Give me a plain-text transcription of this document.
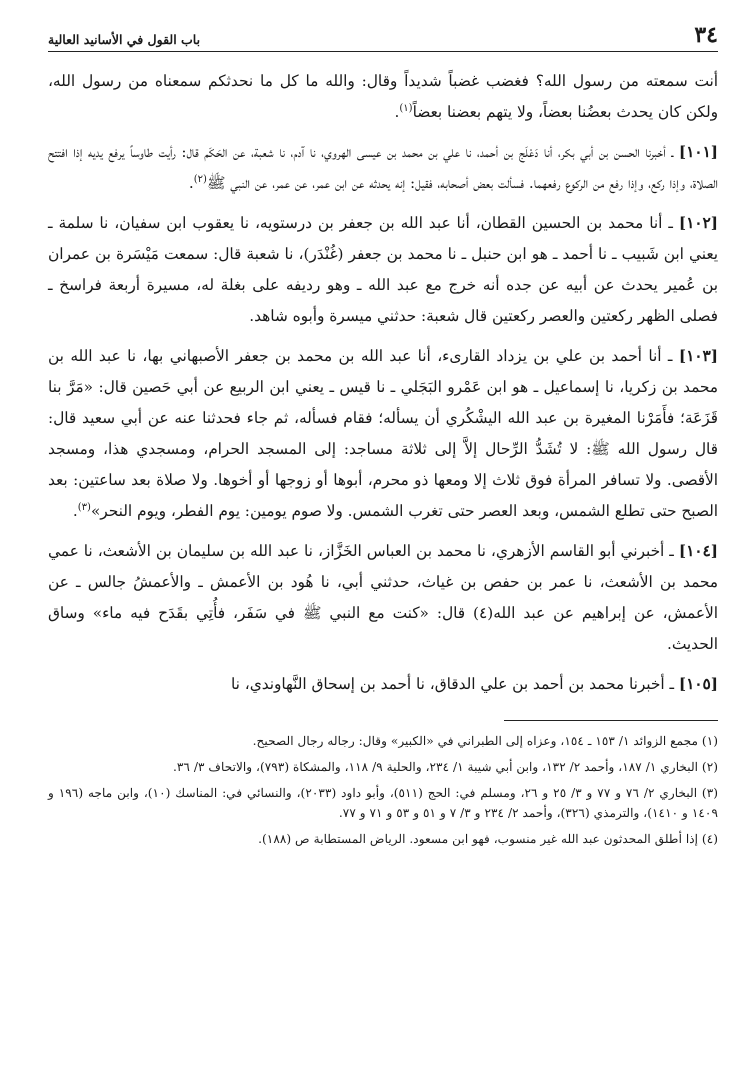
٣٤
باب القول في الأسانيد العالية

أنت سمعته من رسول الله؟ فغضب غضباً شديداً وقال: والله ما كل ما نحدثكم سمعناه من رسول الله، ولكن كان يحدث بعضُنا بعضاً، ولا يتهم بعضنا بعضاً$^{(١)}$.

[١٠١] ـ أخبرنا الحسن بن أبي بكر، أنا دَعْلَج بن أحمد، نا علي بن محمد بن عيسى الهروي، نا آدم، نا شعبة، عن الحَكَم قال: رأيت طاوساً يرفع يديه إذا افتتح الصلاة، وإذا ركع، وإذا رفع من الركوع رفعهما. فسألت بعض أصحابه، فقيل: إنه يحدثه عن ابن عمر، عن عمر، عن النبي ﷺ$^{(٢)}$.

[١٠٢] ـ أنا محمد بن الحسين القطان، أنا عبد الله بن جعفر بن درستويه، نا يعقوب ابن سفيان، نا سلمة ـ يعني ابن شَبيب ـ نا أحمد ـ هو ابن حنبل ـ نا محمد بن جعفر (غُنْدَر)، نا شعبة قال: سمعت مَيْسَرة بن عمران بن عُمير يحدث عن أبيه عن جده أنه خرج مع عبد الله ـ وهو رديفه على بغلة له، مسيرة أربعة فراسخ ـ فصلى الظهر ركعتين والعصر ركعتين قال شعبة: حدثني ميسرة وأبوه شاهد.

[١٠٣] ـ أنا أحمد بن علي بن يزداد القارىء، أنا عبد الله بن محمد بن جعفر الأصبهاني بها، نا عبد الله بن محمد بن زكريا، نا إسماعيل ـ هو ابن عَمْرو البَجَلي ـ نا قيس ـ يعني ابن الربيع عن أبي حَصين قال: «مَرَّ بنا قَزَعَة؛ فأَمَرْنا المغيرة بن عبد الله اليشْكُري أن يسأله؛ فقام فسأله، ثم جاء فحدثنا عنه عن أبي سعيد قال: قال رسول الله ﷺ: لا تُشَدُّ الرِّحال إلاَّ إلى ثلاثة مساجد: إلى المسجد الحرام، ومسجدي هذا، ومسجد الأقصى. ولا تسافر المرأة فوق ثلاث إلا ومعها ذو محرم، أبوها أو زوجها أو أخوها. ولا صلاة بعد ساعتين: بعد الصبح حتى تطلع الشمس، وبعد العصر حتى تغرب الشمس. ولا صوم يومين: يوم الفطر، ويوم النحر»$^{(٣)}$.

[١٠٤] ـ أخبرني أبو القاسم الأزهري، نا محمد بن العباس الخَزَّاز، نا عبد الله بن سليمان بن الأشعث، نا عمي محمد بن الأشعث، نا عمر بن حفص بن غياث، حدثني أبي، نا هُود بن الأعمش ـ والأعمشُ جالس ـ عن الأعمش، عن إبراهيم عن عبد الله(٤) قال: «كنت مع النبي ﷺ في سَفَر، فأُتِي بقَدَح فيه ماء» وساق الحديث.

[١٠٥] ـ أخبرنا محمد بن أحمد بن علي الدقاق، نا أحمد بن إسحاق النَّهاوندي، نا

(١) مجمع الزوائد ١/ ١٥٣ ـ ١٥٤، وعزاه إلى الطبراني في «الكبير» وقال: رجاله رجال الصحيح.

(٢) البخاري ١/ ١٨٧، وأحمد ٢/ ١٣٢، وابن أبي شيبة ١/ ٢٣٤، والحلية ٩/ ١١٨، والمشكاة (٧٩٣)، والاتحاف ٣/ ٣٦.

(٣) البخاري ٢/ ٧٦ و ٧٧ و ٣/ ٢٥ و ٢٦، ومسلم في: الحج (٥١١)، وأبو داود (٢٠٣٣)، والنسائي في: المناسك (١٠)، وابن ماجه (١٩٦ و ١٤٠٩ و ١٤١٠)، والترمذي (٣٢٦)، وأحمد ٢/ ٢٣٤ و ٣/ ٧ و ٥١ و ٥٣ و ٧١ و ٧٧.

(٤) إذا أطلق المحدثون عبد الله غير منسوب، فهو ابن مسعود. الرياض المستطابة ص (١٨٨).
